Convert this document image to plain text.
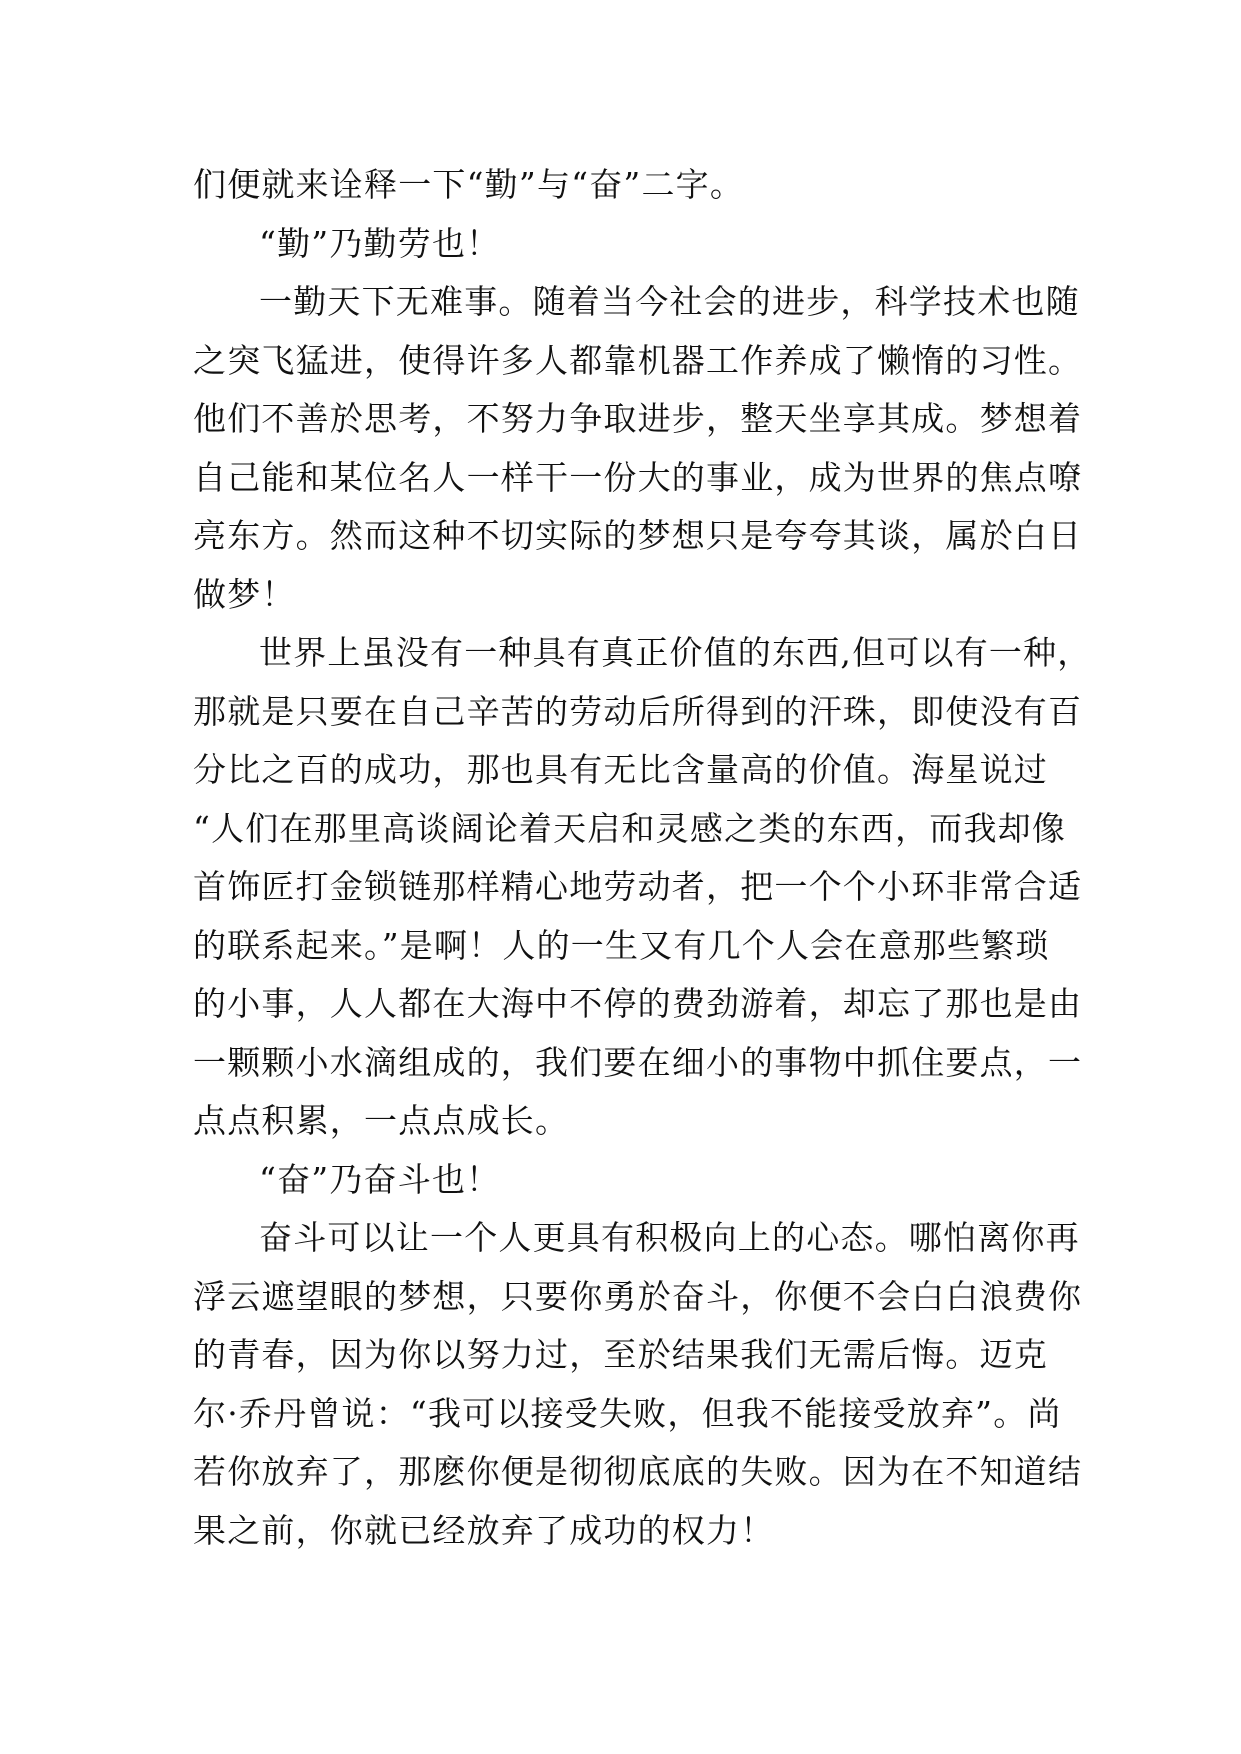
们便就来诠释一下“勤”与“奋”二字。
“勤”乃勤劳也！
一勤天下无难事。随着当今社会的进步，科学技术也随
之突飞猛进，使得许多人都靠机器工作养成了懒惰的习性。
他们不善於思考，不努力争取进步，整天坐享其成。梦想着
自己能和某位名人一样干一份大的事业，成为世界的焦点嘹
亮东方。然而这种不切实际的梦想只是夸夸其谈，属於白日
做梦！
世界上虽没有一种具有真正价值的东西,但可以有一种，
那就是只要在自己辛苦的劳动后所得到的汗珠，即使没有百
分比之百的成功，那也具有无比含量高的价值。海星说过
“人们在那里高谈阔论着天启和灵感之类的东西，而我却像
首饰匠打金锁链那样精心地劳动者，把一个个小环非常合适
的联系起来。”是啊！人的一生又有几个人会在意那些繁琐
的小事，人人都在大海中不停的费劲游着，却忘了那也是由
一颗颗小水滴组成的，我们要在细小的事物中抓住要点，一
点点积累，一点点成长。
“奋”乃奋斗也！
奋斗可以让一个人更具有积极向上的心态。哪怕离你再
浮云遮望眼的梦想，只要你勇於奋斗，你便不会白白浪费你
的青春，因为你以努力过，至於结果我们无需后悔。迈克
尔·乔丹曾说：“我可以接受失败，但我不能接受放弃”。尚
若你放弃了，那麽你便是彻彻底底的失败。因为在不知道结
果之前，你就已经放弃了成功的权力！
